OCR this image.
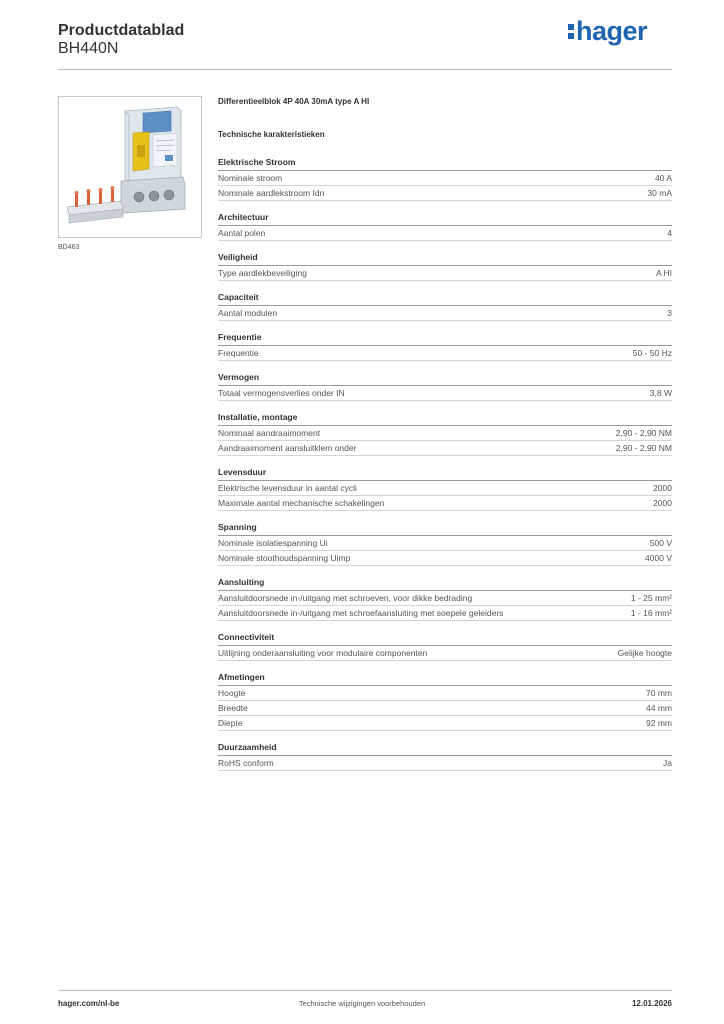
Productdatablad
BH440N
hager
BD463
Differentieelblok 4P 40A 30mA type A HI
Technische karakteristieken
Elektrische Stroom
Nominale stroom	40 A
Nominale aardlekstroom Idn	30 mA
Architectuur
Aantal polen	4
Veiligheid
Type aardlekbeveiliging	A HI
Capaciteit
Aantal modulen	3
Frequentie
Frequentie	50 - 50 Hz
Vermogen
Totaal vermogensverlies onder IN	3,8 W
Installatie, montage
Nominaal aandraaimoment	2,90 - 2,90 NM
Aandraaimoment aansluitklem onder	2,90 - 2,90 NM
Levensduur
Elektrische levensduur in aantal cycli	2000
Maximale aantal mechanische schakelingen	2000
Spanning
Nominale isolatiespanning Ui	500 V
Nominale stoothoudspanning Uimp	4000 V
Aansluiting
Aansluitdoorsnede in-/uitgang met schroeven, voor dikke bedrading	1 - 25 mm²
Aansluitdoorsnede in-/uitgang met schroefaansluiting met soepele geleiders	1 - 16 mm²
Connectiviteit
Uitlijning onderaansluiting voor modulaire componenten	Gelijke hoogte
Afmetingen
Hoogte	70 mm
Breedte	44 mm
Diepte	92 mm
Duurzaamheid
RoHS conform	Ja
hager.com/nl-be	Technische wijzigingen voorbehouden	12.01.2026
